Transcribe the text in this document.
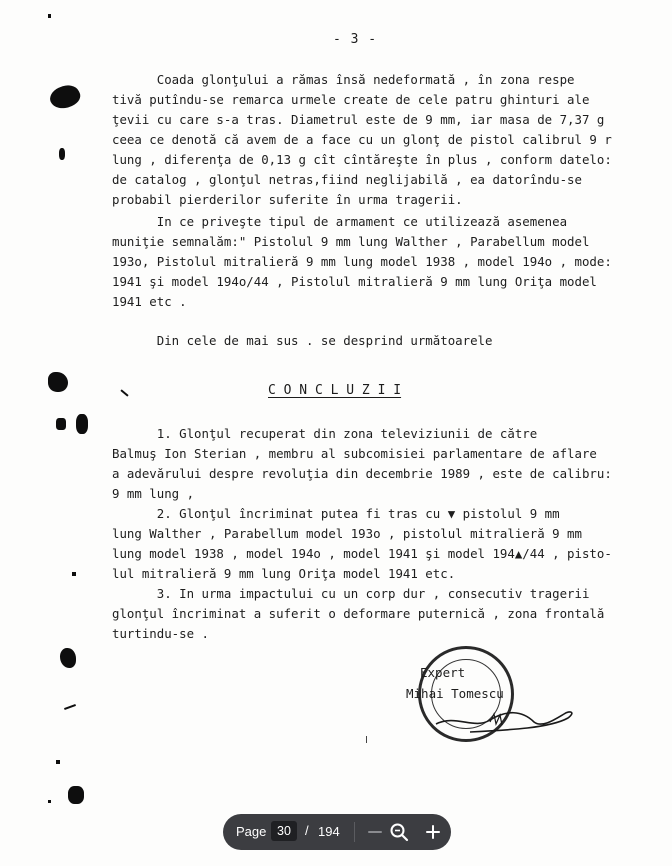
- 3 -
Coada glonţului a rămas însă nedeformată , în zona respe
tivă putîndu-se remarca urmele create de cele patru ghinturi ale
ţevii cu care s-a tras. Diametrul este de 9 mm, iar masa de 7,37 g
ceea ce denotă că avem de a face cu un glonţ de pistol calibrul 9 r
lung , diferenţa de 0,13 g cît cîntăreşte în plus , conform datelo:
de catalog , glonţul netras,fiind neglijabilă , ea datorîndu-se
probabil pierderilor suferite în urma tragerii.
In ce priveşte tipul de armament ce utilizează asemenea
muniţie semnalăm:" Pistolul 9 mm lung Walther , Parabellum model
193o, Pistolul mitralieră 9 mm lung model 1938 , model 194o , mode:
1941 şi model 194o/44 , Pistolul mitralieră 9 mm lung Oriţa model
1941 etc .
Din cele de mai sus . se desprind următoarele
C O N C L U Z I I
1. Glonţul recuperat din zona televiziunii de către
Balmuş Ion Sterian , membru al subcomisiei parlamentare de aflare
a adevărului despre revoluţia din decembrie 1989 , este de calibru:
9 mm lung ,
2. Glonţul încriminat putea fi tras cu ▼ pistolul 9 mm
lung Walther , Parabellum model 193o , pistolul mitralieră 9 mm
lung model 1938 , model 194o , model 1941 şi model 194▲/44 , pisto-
lul mitralieră 9 mm lung Oriţa model 1941 etc.
3. In urma impactului cu un corp dur , consecutiv tragerii
glonţul încriminat a suferit o deformare puternică , zona frontală
turtindu-se .
Expert
Mihai Tomescu
Page 30	/ 194
